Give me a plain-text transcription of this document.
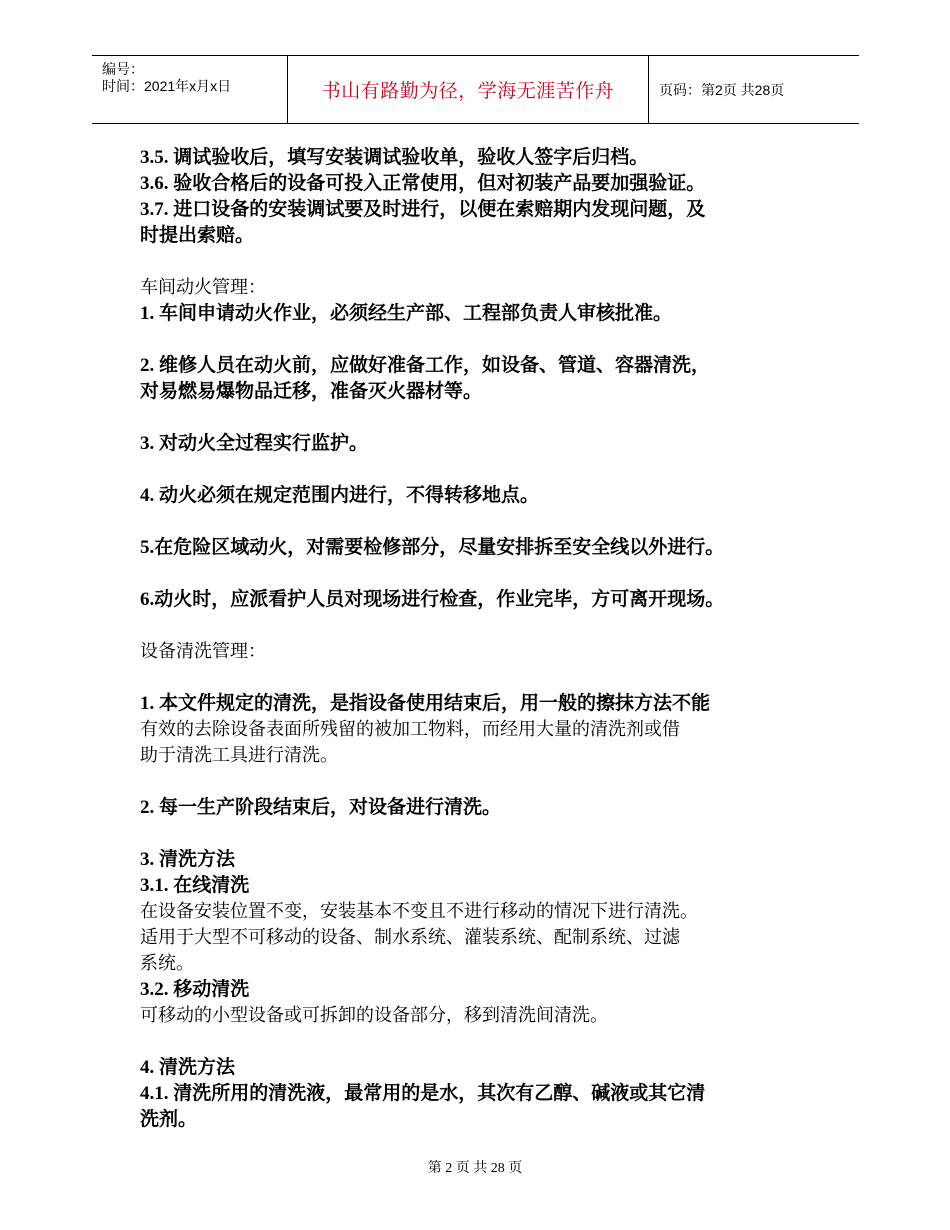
编号：
时间：2021年x月x日	书山有路勤为径，学海无涯苦作舟	页码：第2页 共28页
3.5. 调试验收后，填写安装调试验收单，验收人签字后归档。
3.6. 验收合格后的设备可投入正常使用，但对初装产品要加强验证。
3.7. 进口设备的安装调试要及时进行，以便在索赔期内发现问题，及
时提出索赔。
车间动火管理：
1. 车间申请动火作业，必须经生产部、工程部负责人审核批准。
2. 维修人员在动火前，应做好准备工作，如设备、管道、容器清洗，
对易燃易爆物品迁移，准备灭火器材等。
3. 对动火全过程实行监护。
4. 动火必须在规定范围内进行，不得转移地点。
5.在危险区域动火，对需要检修部分，尽量安排拆至安全线以外进行。
6.动火时，应派看护人员对现场进行检查，作业完毕，方可离开现场。
设备清洗管理：
1. 本文件规定的清洗，是指设备使用结束后，用一般的擦抹方法不能
有效的去除设备表面所残留的被加工物料，而经用大量的清洗剂或借
助于清洗工具进行清洗。
2. 每一生产阶段结束后，对设备进行清洗。
3. 清洗方法
3.1. 在线清洗
在设备安装位置不变，安装基本不变且不进行移动的情况下进行清洗。
适用于大型不可移动的设备、制水系统、灌装系统、配制系统、过滤
系统。
3.2. 移动清洗
可移动的小型设备或可拆卸的设备部分，移到清洗间清洗。
4. 清洗方法
4.1. 清洗所用的清洗液，最常用的是水，其次有乙醇、碱液或其它清
洗剂。
第 2 页 共 28 页
